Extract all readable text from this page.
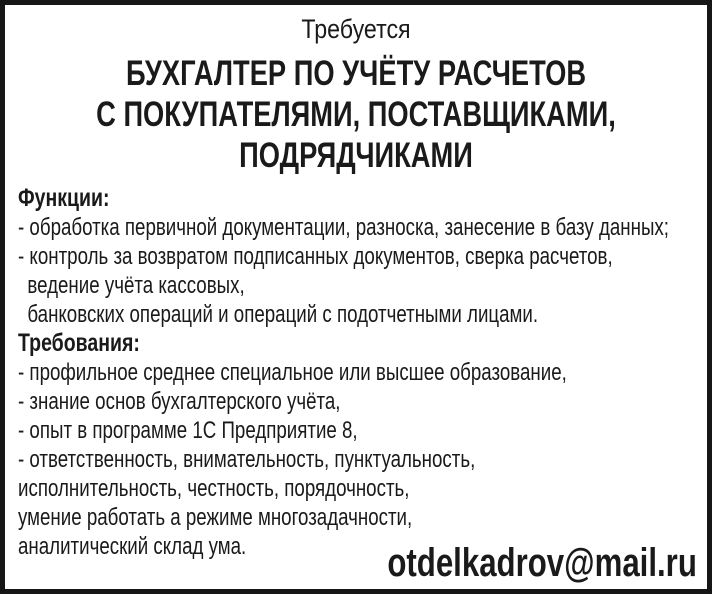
Требуется
БУХГАЛТЕР ПО УЧЁТУ РАСЧЕТОВ
С ПОКУПАТЕЛЯМИ, ПОСТАВЩИКАМИ,
ПОДРЯДЧИКАМИ
Функции:
- обработка первичной документации, разноска, занесение в базу данных;
- контроль за возвратом подписанных документов, сверка расчетов,
ведение учёта кассовых,
банковских операций и операций с подотчетными лицами.
Требования:
- профильное среднее специальное или высшее образование,
- знание основ бухгалтерского учёта,
- опыт в программе 1С Предприятие 8,
- ответственность, внимательность, пунктуальность,
исполнительность, честность, порядочность,
умение работать а режиме многозадачности,
аналитический склад ума.	otdelkadrov@mail.ru
